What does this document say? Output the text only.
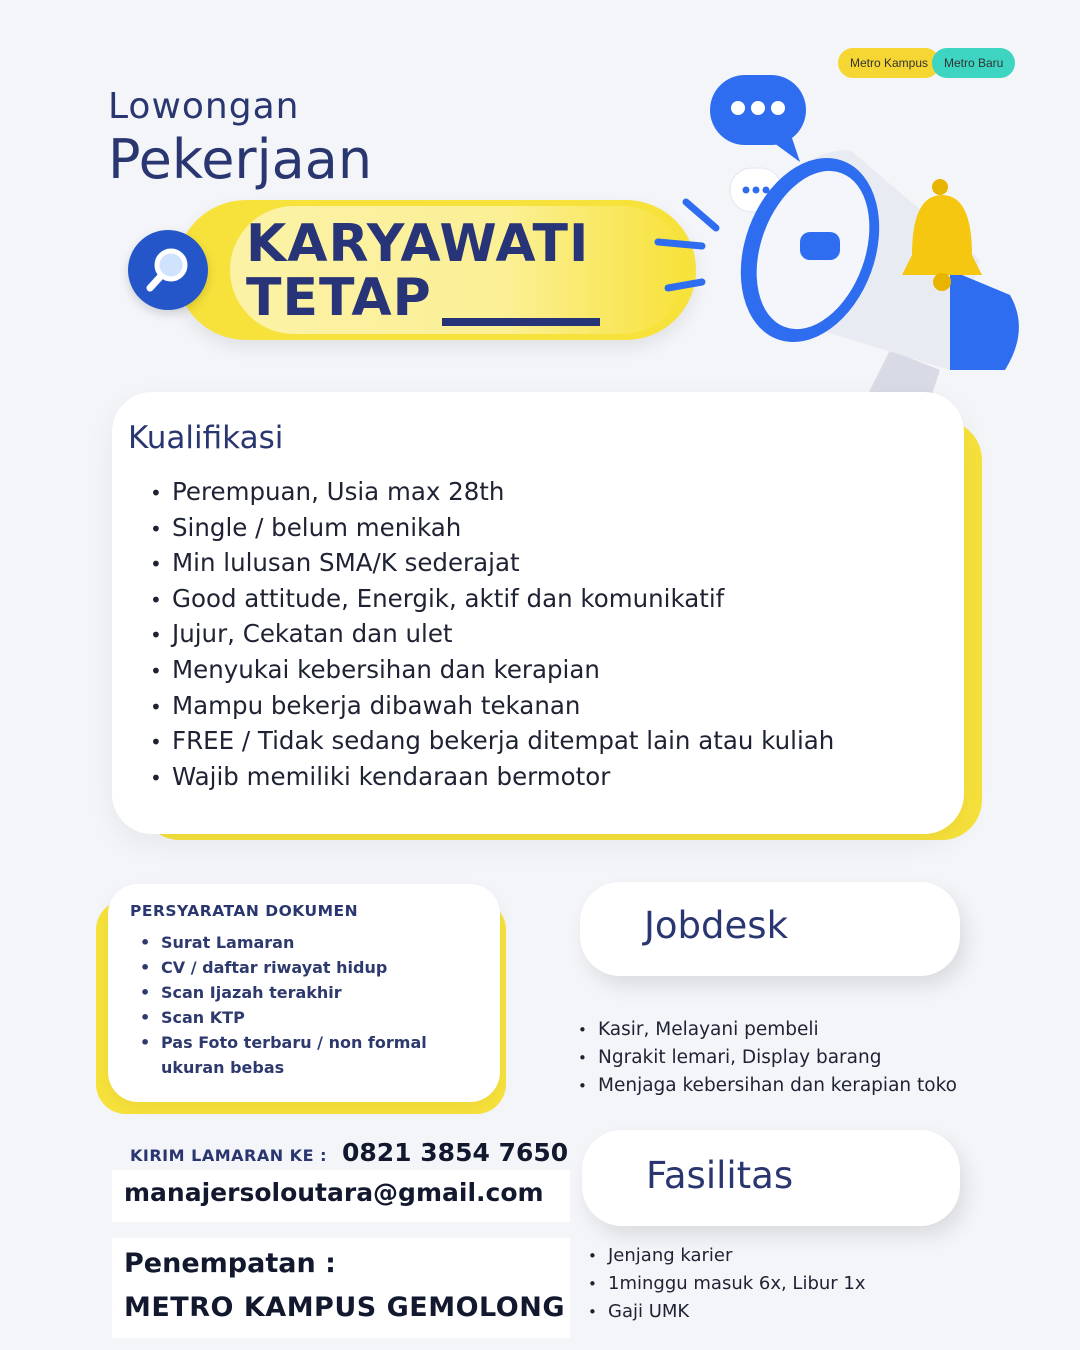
Metro Kampus	Metro Baru
Lowongan
Pekerjaan
KARYAWATI
TETAP
Kualifikasi
• Perempuan, Usia max 28th
• Single / belum menikah
• Min lulusan SMA/K sederajat
• Good attitude, Energik, aktif dan komunikatif
• Jujur, Cekatan dan ulet
• Menyukai kebersihan dan kerapian
• Mampu bekerja dibawah tekanan
• FREE / Tidak sedang bekerja ditempat lain atau kuliah
• Wajib memiliki kendaraan bermotor
PERSYARATAN DOKUMEN
• Surat Lamaran
• CV / daftar riwayat hidup
• Scan Ijazah terakhir
• Scan KTP
• Pas Foto terbaru / non formal ukuran bebas
Jobdesk
• Kasir, Melayani pembeli
• Ngrakit lemari, Display barang
• Menjaga kebersihan dan kerapian toko
KIRIM LAMARAN KE : 0821 3854 7650
manajersoloutara@gmail.com
Penempatan :
METRO KAMPUS GEMOLONG
Fasilitas
• Jenjang karier
• 1minggu masuk 6x, Libur 1x
• Gaji UMK
